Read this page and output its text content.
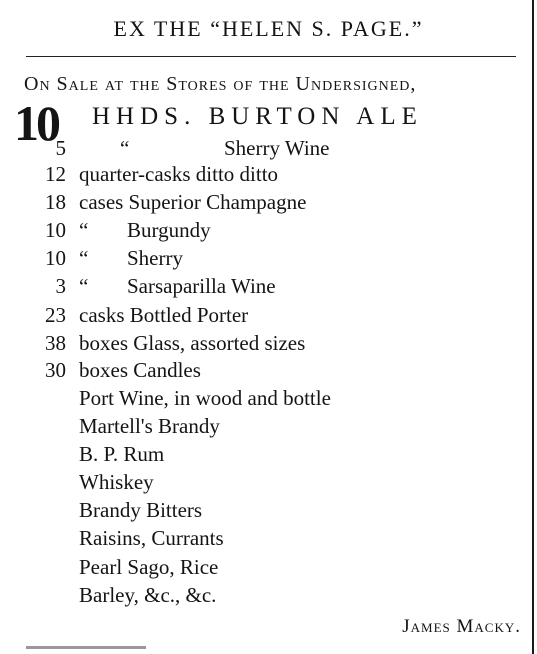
EX THE “HELEN S. PAGE.”
On Sale at the Stores of the Undersigned,
10 HHDS. BURTON ALE
5	“	Sherry Wine
12 quarter-casks ditto ditto
18 cases Superior Champagne
10 “ Burgundy
10 “ Sherry
3 “ Sarsaparilla Wine
23 casks Bottled Porter
38 boxes Glass, assorted sizes
30 boxes Candles
Port Wine, in wood and bottle
Martell's Brandy
B. P. Rum
Whiskey
Brandy Bitters
Raisins, Currants
Pearl Sago, Rice
Barley, &c., &c.
James Macky.
